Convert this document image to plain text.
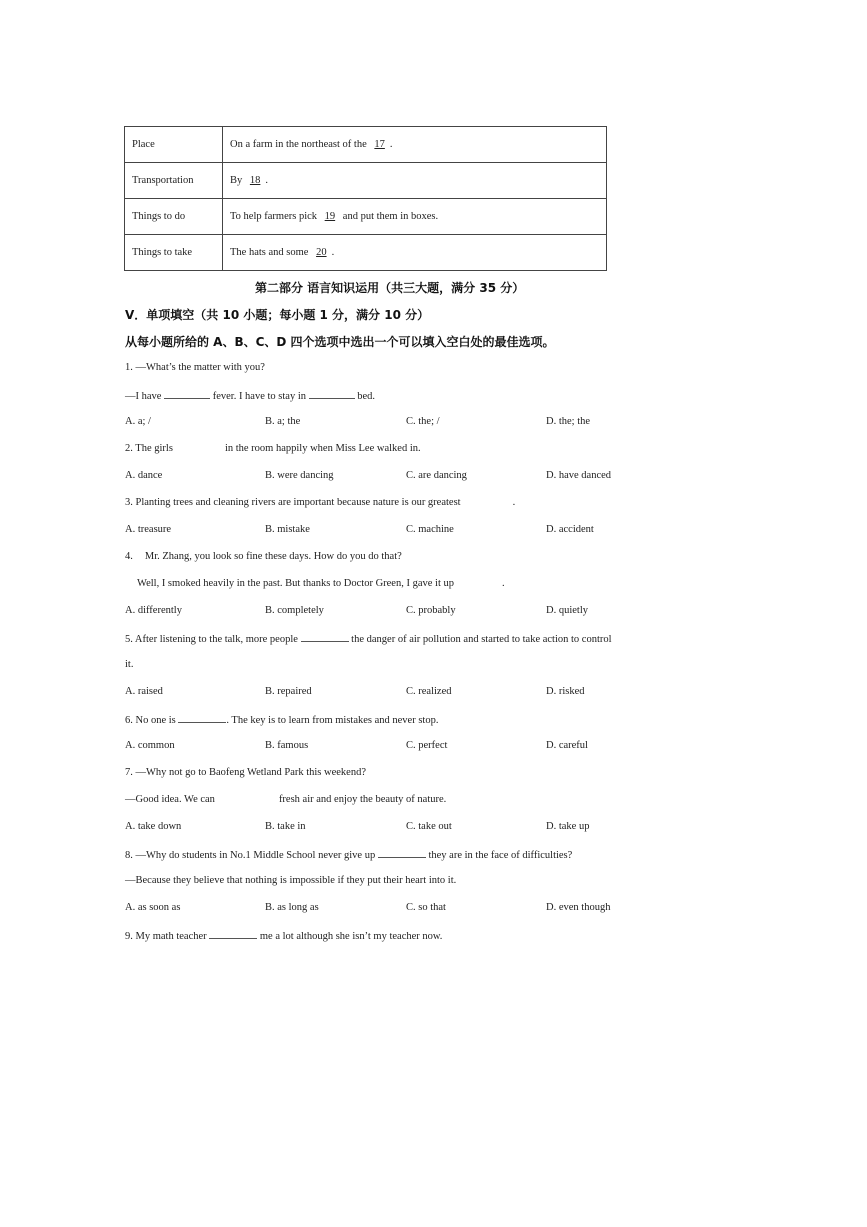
Place	On a farm in the northeast of the 17 .
Transportation	By 18 .
Things to do	To help farmers pick 19 and put them in boxes.
Things to take	The hats and some 20 .
第二部分 语言知识运用（共三大题，满分 35 分）
V．单项填空（共 10 小题；每小题 1 分，满分 10 分）
从每小题所给的 A、B、C、D 四个选项中选出一个可以填入空白处的最佳选项。
1. —What’s the matter with you?
—I have	fever. I have to stay in	bed.
A. a; /	B. a; the	C. the; /	D. the; the
2. The girls	in the room happily when Miss Lee walked in.
A. dance	B. were dancing	C. are dancing	D. have danced
3. Planting trees and cleaning rivers are important because nature is our greatest	.
A. treasure	B. mistake	C. machine	D. accident
4. Mr. Zhang, you look so fine these days. How do you do that?
Well, I smoked heavily in the past. But thanks to Doctor Green, I gave it up	.
A. differently	B. completely	C. probably	D. quietly
5. After listening to the talk, more people	the danger of air pollution and started to take action to control
it.
A. raised	B. repaired	C. realized	D. risked
6. No one is	. The key is to learn from mistakes and never stop.
A. common	B. famous	C. perfect	D. careful
7. —Why not go to Baofeng Wetland Park this weekend?
—Good idea. We can	fresh air and enjoy the beauty of nature.
A. take down	B. take in	C. take out	D. take up
8. —Why do students in No.1 Middle School never give up	they are in the face of difficulties?
—Because they believe that nothing is impossible if they put their heart into it.
A. as soon as	B. as long as	C. so that	D. even though
9. My math teacher	me a lot although she isn’t my teacher now.
